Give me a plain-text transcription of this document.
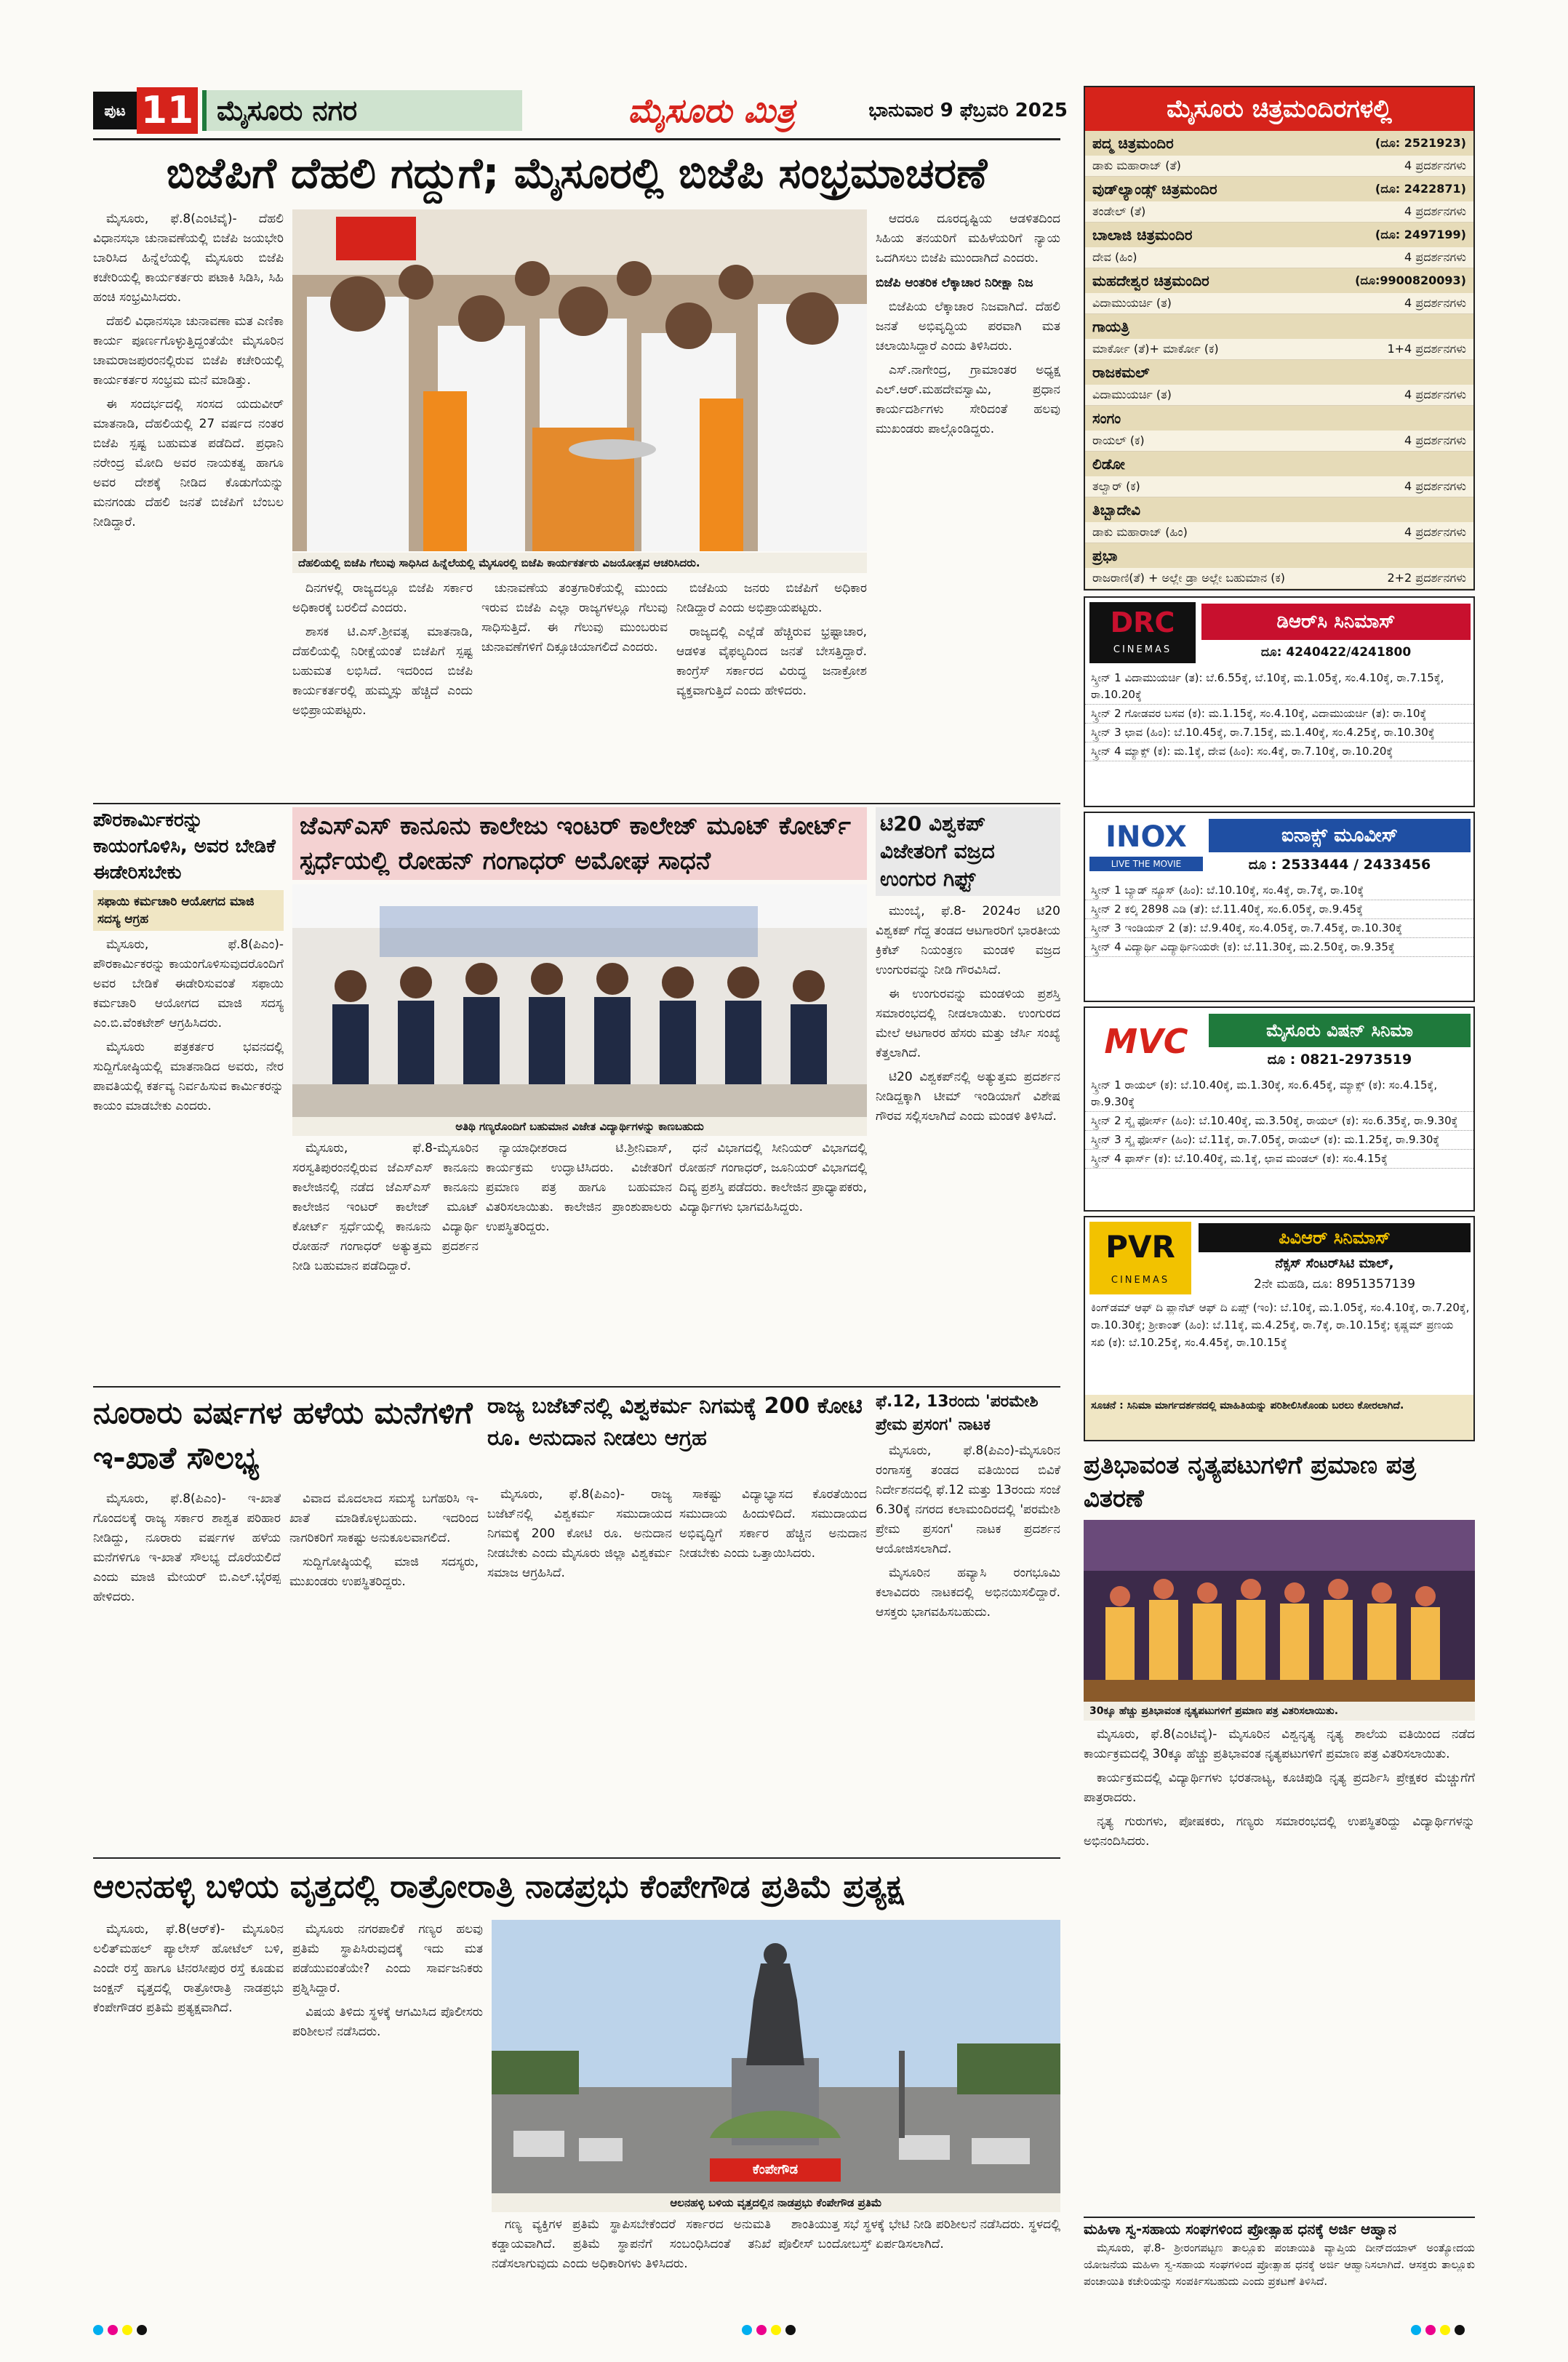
ಪುಟ 11 ಮೈಸೂರು ನಗರ	ಮೈಸೂರು ಮಿತ್ರ	ಭಾನುವಾರ 9 ಫೆಬ್ರವರಿ 2025
ಬಿಜೆಪಿಗೆ ದೆಹಲಿ ಗದ್ದುಗೆ; ಮೈಸೂರಲ್ಲಿ ಬಿಜೆಪಿ ಸಂಭ್ರಮಾಚರಣೆ

ಮೈಸೂರು, ಫೆ.8(ಎಂಟಿವೈ)- ದೆಹಲಿ ವಿಧಾನಸಭಾ ಚುನಾವಣೆಯಲ್ಲಿ ಬಿಜೆಪಿ ಜಯಭೇರಿ ಬಾರಿಸಿದ ಹಿನ್ನೆಲೆಯಲ್ಲಿ ಮೈಸೂರು ಬಿಜೆಪಿ ಕಚೇರಿಯಲ್ಲಿ ಕಾರ್ಯಕರ್ತರು ಪಟಾಕಿ ಸಿಡಿಸಿ, ಸಿಹಿ ಹಂಚಿ ಸಂಭ್ರಮಿಸಿದರು.

ದೆಹಲಿ ವಿಧಾನಸಭಾ ಚುನಾವಣಾ ಮತ ಎಣಿಕಾ ಕಾರ್ಯ ಪೂರ್ಣಗೊಳ್ಳುತ್ತಿದ್ದಂತೆಯೇ ಮೈಸೂರಿನ ಚಾಮರಾಜಪುರಂನಲ್ಲಿರುವ ಬಿಜೆಪಿ ಕಚೇರಿಯಲ್ಲಿ ಕಾರ್ಯಕರ್ತರ ಸಂಭ್ರಮ ಮನೆ ಮಾಡಿತ್ತು.

ಈ ಸಂದರ್ಭದಲ್ಲಿ ಸಂಸದ ಯದುವೀರ್ ಮಾತನಾಡಿ, ದೆಹಲಿಯಲ್ಲಿ 27 ವರ್ಷದ ನಂತರ ಬಿಜೆಪಿ ಸ್ಪಷ್ಟ ಬಹುಮತ ಪಡೆದಿದೆ. ಪ್ರಧಾನಿ ನರೇಂದ್ರ ಮೋದಿ ಅವರ ನಾಯಕತ್ವ ಹಾಗೂ ಅವರ ದೇಶಕ್ಕೆ ನೀಡಿದ ಕೊಡುಗೆಯನ್ನು ಮನಗಂಡು ದೆಹಲಿ ಜನತೆ ಬಿಜೆಪಿಗೆ ಬೆಂಬಲ ನೀಡಿದ್ದಾರೆ.

ದೆಹಲಿಯಲ್ಲಿ ಬಿಜೆಪಿ ಗೆಲುವು ಸಾಧಿಸಿದ ಹಿನ್ನೆಲೆಯಲ್ಲಿ ಮೈಸೂರಲ್ಲಿ ಬಿಜೆಪಿ ಕಾರ್ಯಕರ್ತರು ವಿಜಯೋತ್ಸವ ಆಚರಿಸಿದರು.

ದಿನಗಳಲ್ಲಿ ರಾಜ್ಯದಲ್ಲೂ ಬಿಜೆಪಿ ಸರ್ಕಾರ ಅಧಿಕಾರಕ್ಕೆ ಬರಲಿದೆ ಎಂದರು.

ಶಾಸಕ ಟಿ.ಎಸ್.ಶ್ರೀವತ್ಸ ಮಾತನಾಡಿ, ದೆಹಲಿಯಲ್ಲಿ ನಿರೀಕ್ಷೆಯಂತೆ ಬಿಜೆಪಿಗೆ ಸ್ಪಷ್ಟ ಬಹುಮತ ಲಭಿಸಿದೆ. ಇದರಿಂದ ಬಿಜೆಪಿ ಕಾರ್ಯಕರ್ತರಲ್ಲಿ ಹುಮ್ಮಸ್ಸು ಹೆಚ್ಚಿದೆ ಎಂದು ಅಭಿಪ್ರಾಯಪಟ್ಟರು.

ಚುನಾವಣೆಯ ತಂತ್ರಗಾರಿಕೆಯಲ್ಲಿ ಮುಂದು ಇರುವ ಬಿಜೆಪಿ ಎಲ್ಲಾ ರಾಜ್ಯಗಳಲ್ಲೂ ಗೆಲುವು ಸಾಧಿಸುತ್ತಿದೆ. ಈ ಗೆಲುವು ಮುಂಬರುವ ಚುನಾವಣೆಗಳಿಗೆ ದಿಕ್ಸೂಚಿಯಾಗಲಿದೆ ಎಂದರು.

ಬಿಜೆಪಿಯ ಜನರು ಬಿಜೆಪಿಗೆ ಅಧಿಕಾರ ನೀಡಿದ್ದಾರೆ ಎಂದು ಅಭಿಪ್ರಾಯಪಟ್ಟರು.

ರಾಜ್ಯದಲ್ಲಿ ಎಲ್ಲೆಡೆ ಹೆಚ್ಚಿರುವ ಭ್ರಷ್ಟಾಚಾರ, ಆಡಳಿತ ವೈಫಲ್ಯದಿಂದ ಜನತೆ ಬೇಸತ್ತಿದ್ದಾರೆ. ಕಾಂಗ್ರೆಸ್ ಸರ್ಕಾರದ ವಿರುದ್ಧ ಜನಾಕ್ರೋಶ ವ್ಯಕ್ತವಾಗುತ್ತಿದೆ ಎಂದು ಹೇಳಿದರು.

ಆದರೂ ದೂರದೃಷ್ಟಿಯ ಆಡಳಿತದಿಂದ ಸಿಹಿಯ ತನಯರಿಗೆ ಮಹಿಳೆಯರಿಗೆ ನ್ಯಾಯ ಒದಗಿಸಲು ಬಿಜೆಪಿ ಮುಂದಾಗಿದೆ ಎಂದರು.

ಬಿಜೆಪಿ ಆಂತರಿಕ ಲೆಕ್ಕಾಚಾರ ನಿರೀಕ್ಷಾ ನಿಜ

ಬಿಜೆಪಿಯ ಲೆಕ್ಕಾಚಾರ ನಿಜವಾಗಿದೆ. ದೆಹಲಿ ಜನತೆ ಅಭಿವೃದ್ಧಿಯ ಪರವಾಗಿ ಮತ ಚಲಾಯಿಸಿದ್ದಾರೆ ಎಂದು ತಿಳಿಸಿದರು.

ಎಸ್.ನಾಗೇಂದ್ರ, ಗ್ರಾಮಾಂತರ ಅಧ್ಯಕ್ಷ ಎಲ್.ಆರ್.ಮಹದೇವಸ್ವಾಮಿ, ಪ್ರಧಾನ ಕಾರ್ಯದರ್ಶಿಗಳು ಸೇರಿದಂತೆ ಹಲವು ಮುಖಂಡರು ಪಾಲ್ಗೊಂಡಿದ್ದರು.

ಪೌರಕಾರ್ಮಿಕರನ್ನು ಕಾಯಂಗೊಳಿಸಿ, ಅವರ ಬೇಡಿಕೆ ಈಡೇರಿಸಬೇಕು
ಸಫಾಯಿ ಕರ್ಮಚಾರಿ ಆಯೋಗದ ಮಾಜಿ ಸದಸ್ಯ ಆಗ್ರಹ

ಮೈಸೂರು, ಫೆ.8(ಪಿಎಂ)- ಪೌರಕಾರ್ಮಿಕರನ್ನು ಕಾಯಂಗೊಳಿಸುವುದರೊಂದಿಗೆ ಅವರ ಬೇಡಿಕೆ ಈಡೇರಿಸುವಂತೆ ಸಫಾಯಿ ಕರ್ಮಚಾರಿ ಆಯೋಗದ ಮಾಜಿ ಸದಸ್ಯ ಎಂ.ಬಿ.ವೆಂಕಟೇಶ್ ಆಗ್ರಹಿಸಿದರು.

ಮೈಸೂರು ಪತ್ರಕರ್ತರ ಭವನದಲ್ಲಿ ಸುದ್ದಿಗೋಷ್ಠಿಯಲ್ಲಿ ಮಾತನಾಡಿದ ಅವರು, ನೇರ ಪಾವತಿಯಲ್ಲಿ ಕರ್ತವ್ಯ ನಿರ್ವಹಿಸುವ ಕಾರ್ಮಿಕರನ್ನು ಕಾಯಂ ಮಾಡಬೇಕು ಎಂದರು.

ಜೆಎಸ್‌ಎಸ್ ಕಾನೂನು ಕಾಲೇಜು ಇಂಟರ್ ಕಾಲೇಜ್ ಮೂಟ್ ಕೋರ್ಟ್ ಸ್ಪರ್ಧೆಯಲ್ಲಿ ರೋಹನ್ ಗಂಗಾಧರ್ ಅಮೋಘ ಸಾಧನೆ
ಅತಿಥಿ ಗಣ್ಯರೊಂದಿಗೆ ಬಹುಮಾನ ವಿಜೇತ ವಿದ್ಯಾರ್ಥಿಗಳನ್ನು ಕಾಣಬಹುದು

ಮೈಸೂರು, ಫೆ.8-ಮೈಸೂರಿನ ಸರಸ್ವತಿಪುರಂನಲ್ಲಿರುವ ಜೆಎಸ್‌ಎಸ್ ಕಾನೂನು ಕಾಲೇಜಿನಲ್ಲಿ ನಡೆದ ಜೆಎಸ್‌ಎಸ್ ಕಾನೂನು ಕಾಲೇಜಿನ ಇಂಟರ್ ಕಾಲೇಜ್ ಮೂಟ್ ಕೋರ್ಟ್ ಸ್ಪರ್ಧೆಯಲ್ಲಿ ಕಾನೂನು ವಿದ್ಯಾರ್ಥಿ ರೋಹನ್ ಗಂಗಾಧರ್ ಅತ್ಯುತ್ತಮ ಪ್ರದರ್ಶನ ನೀಡಿ ಬಹುಮಾನ ಪಡೆದಿದ್ದಾರೆ.

ನ್ಯಾಯಾಧೀಶರಾದ ಟಿ.ಶ್ರೀನಿವಾಸ್, ಕಾರ್ಯಕ್ರಮ ಉದ್ಘಾಟಿಸಿದರು. ವಿಜೇತರಿಗೆ ಪ್ರಮಾಣ ಪತ್ರ ಹಾಗೂ ಬಹುಮಾನ ವಿತರಿಸಲಾಯಿತು. ಕಾಲೇಜಿನ ಪ್ರಾಂಶುಪಾಲರು ಉಪಸ್ಥಿತರಿದ್ದರು.

ಧನೆ ವಿಭಾಗದಲ್ಲಿ ಸೀನಿಯರ್ ವಿಭಾಗದಲ್ಲಿ ರೋಹನ್ ಗಂಗಾಧರ್, ಜೂನಿಯರ್ ವಿಭಾಗದಲ್ಲಿ ದಿವ್ಯ ಪ್ರಶಸ್ತಿ ಪಡೆದರು. ಕಾಲೇಜಿನ ಪ್ರಾಧ್ಯಾಪಕರು, ವಿದ್ಯಾರ್ಥಿಗಳು ಭಾಗವಹಿಸಿದ್ದರು.

ಟಿ20 ವಿಶ್ವಕಪ್ ವಿಜೇತರಿಗೆ ವಜ್ರದ ಉಂಗುರ ಗಿಫ್ಟ್

ಮುಂಬೈ, ಫೆ.8- 2024ರ ಟಿ20 ವಿಶ್ವಕಪ್ ಗೆದ್ದ ತಂಡದ ಆಟಗಾರರಿಗೆ ಭಾರತೀಯ ಕ್ರಿಕೆಟ್ ನಿಯಂತ್ರಣ ಮಂಡಳಿ ವಜ್ರದ ಉಂಗುರವನ್ನು ನೀಡಿ ಗೌರವಿಸಿದೆ.

ಈ ಉಂಗುರವನ್ನು ಮಂಡಳಿಯ ಪ್ರಶಸ್ತಿ ಸಮಾರಂಭದಲ್ಲಿ ನೀಡಲಾಯಿತು. ಉಂಗುರದ ಮೇಲೆ ಆಟಗಾರರ ಹೆಸರು ಮತ್ತು ಜೆರ್ಸಿ ಸಂಖ್ಯೆ ಕೆತ್ತಲಾಗಿದೆ.

ಟಿ20 ವಿಶ್ವಕಪ್‌ನಲ್ಲಿ ಅತ್ಯುತ್ತಮ ಪ್ರದರ್ಶನ ನೀಡಿದ್ದಕ್ಕಾಗಿ ಟೀಮ್ ಇಂಡಿಯಾಗೆ ವಿಶೇಷ ಗೌರವ ಸಲ್ಲಿಸಲಾಗಿದೆ ಎಂದು ಮಂಡಳಿ ತಿಳಿಸಿದೆ.

ನೂರಾರು ವರ್ಷಗಳ ಹಳೆಯ ಮನೆಗಳಿಗೆ ಇ-ಖಾತೆ ಸೌಲಭ್ಯ

ಮೈಸೂರು, ಫೆ.8(ಪಿಎಂ)- ಇ-ಖಾತೆ ಗೊಂದಲಕ್ಕೆ ರಾಜ್ಯ ಸರ್ಕಾರ ಶಾಶ್ವತ ಪರಿಹಾರ ನೀಡಿದ್ದು, ನೂರಾರು ವರ್ಷಗಳ ಹಳೆಯ ಮನೆಗಳಿಗೂ ಇ-ಖಾತೆ ಸೌಲಭ್ಯ ದೊರೆಯಲಿದೆ ಎಂದು ಮಾಜಿ ಮೇಯರ್ ಬಿ.ಎಲ್.ಭೈರಪ್ಪ ಹೇಳಿದರು.

ವಿವಾದ ಮೊದಲಾದ ಸಮಸ್ಯೆ ಬಗೆಹರಿಸಿ ಇ-ಖಾತೆ ಮಾಡಿಕೊಳ್ಳಬಹುದು. ಇದರಿಂದ ನಾಗರಿಕರಿಗೆ ಸಾಕಷ್ಟು ಅನುಕೂಲವಾಗಲಿದೆ.

ಸುದ್ದಿಗೋಷ್ಠಿಯಲ್ಲಿ ಮಾಜಿ ಸದಸ್ಯರು, ಮುಖಂಡರು ಉಪಸ್ಥಿತರಿದ್ದರು.

ರಾಜ್ಯ ಬಜೆಟ್‌ನಲ್ಲಿ ವಿಶ್ವಕರ್ಮ ನಿಗಮಕ್ಕೆ 200 ಕೋಟಿ ರೂ. ಅನುದಾನ ನೀಡಲು ಆಗ್ರಹ

ಮೈಸೂರು, ಫೆ.8(ಪಿಎಂ)- ರಾಜ್ಯ ಬಜೆಟ್‌ನಲ್ಲಿ ವಿಶ್ವಕರ್ಮ ಸಮುದಾಯದ ನಿಗಮಕ್ಕೆ 200 ಕೋಟಿ ರೂ. ಅನುದಾನ ನೀಡಬೇಕು ಎಂದು ಮೈಸೂರು ಜಿಲ್ಲಾ ವಿಶ್ವಕರ್ಮ ಸಮಾಜ ಆಗ್ರಹಿಸಿದೆ.

ಸಾಕಷ್ಟು ವಿದ್ಯಾಭ್ಯಾಸದ ಕೊರತೆಯಿಂದ ಸಮುದಾಯ ಹಿಂದುಳಿದಿದೆ. ಸಮುದಾಯದ ಅಭಿವೃದ್ಧಿಗೆ ಸರ್ಕಾರ ಹೆಚ್ಚಿನ ಅನುದಾನ ನೀಡಬೇಕು ಎಂದು ಒತ್ತಾಯಿಸಿದರು.

ಫೆ.12, 13ರಂದು 'ಪರಮೇಶಿ ಪ್ರೇಮ ಪ್ರಸಂಗ' ನಾಟಕ

ಮೈಸೂರು, ಫೆ.8(ಪಿಎಂ)-ಮೈಸೂರಿನ ರಂಗಾಸಕ್ತ ತಂಡದ ವತಿಯಿಂದ ಬಿವಿಕೆ ನಿರ್ದೇಶನದಲ್ಲಿ ಫೆ.12 ಮತ್ತು 13ರಂದು ಸಂಜೆ 6.30ಕ್ಕೆ ನಗರದ ಕಲಾಮಂದಿರದಲ್ಲಿ 'ಪರಮೇಶಿ ಪ್ರೇಮ ಪ್ರಸಂಗ' ನಾಟಕ ಪ್ರದರ್ಶನ ಆಯೋಜಿಸಲಾಗಿದೆ.

ಮೈಸೂರಿನ ಹವ್ಯಾಸಿ ರಂಗಭೂಮಿ ಕಲಾವಿದರು ನಾಟಕದಲ್ಲಿ ಅಭಿನಯಿಸಲಿದ್ದಾರೆ. ಆಸಕ್ತರು ಭಾಗವಹಿಸಬಹುದು.

ಆಲನಹಳ್ಳಿ ಬಳಿಯ ವೃತ್ತದಲ್ಲಿ ರಾತ್ರೋರಾತ್ರಿ ನಾಡಪ್ರಭು ಕೆಂಪೇಗೌಡ ಪ್ರತಿಮೆ ಪ್ರತ್ಯಕ್ಷ

ಮೈಸೂರು, ಫೆ.8(ಆರ್‌ಕೆ)- ಮೈಸೂರಿನ ಲಲಿತ್‌ಮಹಲ್ ಪ್ಯಾಲೇಸ್ ಹೋಟೆಲ್ ಬಳಿ, ಎಂದೇ ರಸ್ತೆ ಹಾಗೂ ಟಿನರಸೀಪುರ ರಸ್ತೆ ಕೂಡುವ ಜಂಕ್ಷನ್ ವೃತ್ತದಲ್ಲಿ ರಾತ್ರೋರಾತ್ರಿ ನಾಡಪ್ರಭು ಕೆಂಪೇಗೌಡರ ಪ್ರತಿಮೆ ಪ್ರತ್ಯಕ್ಷವಾಗಿದೆ.

ಮೈಸೂರು ನಗರಪಾಲಿಕೆ ಗಣ್ಯರ ಹಲವು ಪ್ರತಿಮೆ ಸ್ಥಾಪಿಸಿರುವುದಕ್ಕೆ ಇದು ಮತ ಪಡೆಯುವಂತೆಯೇ? ಎಂದು ಸಾರ್ವಜನಿಕರು ಪ್ರಶ್ನಿಸಿದ್ದಾರೆ.

ವಿಷಯ ತಿಳಿದು ಸ್ಥಳಕ್ಕೆ ಆಗಮಿಸಿದ ಪೊಲೀಸರು ಪರಿಶೀಲನೆ ನಡೆಸಿದರು.

ಕೆಂಪೇಗೌಡ
ಆಲನಹಳ್ಳಿ ಬಳಿಯ ವೃತ್ತದಲ್ಲಿನ ನಾಡಪ್ರಭು ಕೆಂಪೇಗೌಡ ಪ್ರತಿಮೆ

ಗಣ್ಯ ವ್ಯಕ್ತಿಗಳ ಪ್ರತಿಮೆ ಸ್ಥಾಪಿಸಬೇಕೆಂದರೆ ಸರ್ಕಾರದ ಅನುಮತಿ ಕಡ್ಡಾಯವಾಗಿದೆ. ಪ್ರತಿಮೆ ಸ್ಥಾಪನೆಗೆ ಸಂಬಂಧಿಸಿದಂತೆ ತನಿಖೆ ನಡೆಸಲಾಗುವುದು ಎಂದು ಅಧಿಕಾರಿಗಳು ತಿಳಿಸಿದರು.

ಶಾಂತಿಯುತ್ತ ಸಭೆ ಸ್ಥಳಕ್ಕೆ ಭೇಟಿ ನೀಡಿ ಪರಿಶೀಲನೆ ನಡೆಸಿದರು. ಸ್ಥಳದಲ್ಲಿ ಪೊಲೀಸ್ ಬಂದೋಬಸ್ತ್ ಏರ್ಪಡಿಸಲಾಗಿದೆ.

ಮೈಸೂರು ಚಿತ್ರಮಂದಿರಗಳಲ್ಲಿ
ಪದ್ಮ ಚಿತ್ರಮಂದಿರ	(ದೂ: 2521923)
ಡಾಕು ಮಹಾರಾಜ್ (ತೆ)	4 ಪ್ರದರ್ಶನಗಳು
ವುಡ್‌ಲ್ಯಾಂಡ್ಸ್ ಚಿತ್ರಮಂದಿರ	(ದೂ: 2422871)
ತಂಡೇಲ್ (ತೆ)	4 ಪ್ರದರ್ಶನಗಳು
ಬಾಲಾಜಿ ಚಿತ್ರಮಂದಿರ	(ದೂ: 2497199)
ದೇವ (ಹಿಂ)	4 ಪ್ರದರ್ಶನಗಳು
ಮಹದೇಶ್ವರ ಚಿತ್ರಮಂದಿರ	(ದೂ:9900820093)
ವಿದಾಮುಯರ್ಚಿ (ತ)	4 ಪ್ರದರ್ಶನಗಳು
ಗಾಯತ್ರಿ
ಮಾರ್ಕೋ (ತೆ)+ ಮಾರ್ಕೋ (ಕ)	1+4 ಪ್ರದರ್ಶನಗಳು
ರಾಜಕಮಲ್
ವಿದಾಮುಯರ್ಚಿ (ತ)	4 ಪ್ರದರ್ಶನಗಳು
ಸಂಗಂ
ರಾಯಲ್ (ಕ)	4 ಪ್ರದರ್ಶನಗಳು
ಲಿಡೋ
ತಲ್ವಾರ್ (ಕ)	4 ಪ್ರದರ್ಶನಗಳು
ತಿಬ್ಬಾದೇವಿ
ಡಾಕು ಮಹಾರಾಜ್ (ಹಿಂ)	4 ಪ್ರದರ್ಶನಗಳು
ಪ್ರಭಾ
ರಾಜರಾಣಿ(ತೆ) + ಅಲ್ಲೇ ಡ್ರಾ ಅಲ್ಲೇ ಬಹುಮಾನ (ಕ)	2+2 ಪ್ರದರ್ಶನಗಳು
DRC
CINEMAS
ಡಿಆರ್‌ಸಿ ಸಿನಿಮಾಸ್
ದೂ: 4240422/4241800
ಸ್ಕ್ರೀನ್ 1 ವಿದಾಮುಯರ್ಚಿ (ತ): ಬೆ.6.55ಕ್ಕೆ, ಬೆ.10ಕ್ಕೆ, ಮ.1.05ಕ್ಕೆ, ಸಂ.4.10ಕ್ಕೆ, ರಾ.7.15ಕ್ಕೆ, ರಾ.10.20ಕ್ಕೆ
ಸ್ಕ್ರೀನ್ 2 ಗೋಡವರ ಬಸವ (ಕ): ಮ.1.15ಕ್ಕೆ, ಸಂ.4.10ಕ್ಕೆ, ವಿದಾಮುಯರ್ಚಿ (ತ): ರಾ.10ಕ್ಕೆ
ಸ್ಕ್ರೀನ್ 3 ಛಾವ (ಹಿಂ): ಬೆ.10.45ಕ್ಕೆ, ರಾ.7.15ಕ್ಕೆ, ಮ.1.40ಕ್ಕೆ, ಸಂ.4.25ಕ್ಕೆ, ರಾ.10.30ಕ್ಕೆ
ಸ್ಕ್ರೀನ್ 4 ಮ್ಯಾಕ್ಸ್ (ಕ): ಮ.1ಕ್ಕೆ, ದೇವ (ಹಿಂ): ಸಂ.4ಕ್ಕೆ, ರಾ.7.10ಕ್ಕೆ, ರಾ.10.20ಕ್ಕೆ
INOX
LIVE THE MOVIE
ಐನಾಕ್ಸ್ ಮೂವೀಸ್
ದೂ : 2533444 / 2433456
ಸ್ಕ್ರೀನ್ 1 ಬ್ಯಾಡ್ ನ್ಯೂಸ್ (ಹಿಂ): ಬೆ.10.10ಕ್ಕೆ, ಸಂ.4ಕ್ಕೆ, ರಾ.7ಕ್ಕೆ, ರಾ.10ಕ್ಕೆ
ಸ್ಕ್ರೀನ್ 2 ಕಲ್ಕಿ 2898 ಎಡಿ (ತೆ): ಬೆ.11.40ಕ್ಕೆ, ಸಂ.6.05ಕ್ಕೆ, ರಾ.9.45ಕ್ಕೆ
ಸ್ಕ್ರೀನ್ 3 ಇಂಡಿಯನ್ 2 (ತ): ಬೆ.9.40ಕ್ಕೆ, ಸಂ.4.05ಕ್ಕೆ, ರಾ.7.45ಕ್ಕೆ, ರಾ.10.30ಕ್ಕೆ
ಸ್ಕ್ರೀನ್ 4 ವಿದ್ಯಾರ್ಥಿ ವಿದ್ಯಾರ್ಥಿನಿಯರೇ (ಕ): ಬೆ.11.30ಕ್ಕೆ, ಮ.2.50ಕ್ಕೆ, ರಾ.9.35ಕ್ಕೆ
MVC	ಮೈಸೂರು ವಿಷನ್ ಸಿನಿಮಾ
ದೂ : 0821-2973519
ಸ್ಕ್ರೀನ್ 1 ರಾಯಲ್ (ಕ): ಬೆ.10.40ಕ್ಕೆ, ಮ.1.30ಕ್ಕೆ, ಸಂ.6.45ಕ್ಕೆ, ಮ್ಯಾಕ್ಸ್ (ಕ): ಸಂ.4.15ಕ್ಕೆ, ರಾ.9.30ಕ್ಕೆ
ಸ್ಕ್ರೀನ್ 2 ಸ್ಕೈ ಫೋರ್ಸ್ (ಹಿಂ): ಬೆ.10.40ಕ್ಕೆ, ಮ.3.50ಕ್ಕೆ, ರಾಯಲ್ (ಕ): ಸಂ.6.35ಕ್ಕೆ, ರಾ.9.30ಕ್ಕೆ
ಸ್ಕ್ರೀನ್ 3 ಸ್ಕೈ ಫೋರ್ಸ್ (ಹಿಂ): ಬೆ.11ಕ್ಕೆ, ರಾ.7.05ಕ್ಕೆ, ರಾಯಲ್ (ಕ): ಮ.1.25ಕ್ಕೆ, ರಾ.9.30ಕ್ಕೆ
ಸ್ಕ್ರೀನ್ 4 ಫಾರ್ಸ್ (ಕ): ಬೆ.10.40ಕ್ಕೆ, ಮ.1ಕ್ಕೆ, ಛಾವ ಮಂಡಲ್ (ಕ): ಸಂ.4.15ಕ್ಕೆ
PVR
CINEMAS
ಪಿವಿಆರ್ ಸಿನಿಮಾಸ್
ನೆಕ್ಸಸ್ ಸೆಂಟರ್‌ಸಿಟಿ ಮಾಲ್,
2ನೇ ಮಹಡಿ, ದೂ: 8951357139
ಕಿಂಗ್‌ಡಮ್ ಆಫ್ ದಿ ಪ್ಲಾನೆಟ್ ಆಫ್ ದಿ ಏಪ್ಸ್ (ಇಂ): ಬೆ.10ಕ್ಕೆ, ಮ.1.05ಕ್ಕೆ, ಸಂ.4.10ಕ್ಕೆ, ರಾ.7.20ಕ್ಕೆ, ರಾ.10.30ಕ್ಕೆ; ಶ್ರೀಕಾಂತ್ (ಹಿಂ): ಬೆ.11ಕ್ಕೆ, ಮ.4.25ಕ್ಕೆ, ರಾ.7ಕ್ಕೆ, ರಾ.10.15ಕ್ಕೆ; ಕೃಷ್ಣಮ್ ಪ್ರಣಯ ಸಖಿ (ಕ): ಬೆ.10.25ಕ್ಕೆ, ಸಂ.4.45ಕ್ಕೆ, ರಾ.10.15ಕ್ಕೆ
ಸೂಚನೆ : ಸಿನಿಮಾ ಮಾರ್ಗದರ್ಶನದಲ್ಲಿ ಮಾಹಿತಿಯನ್ನು ಪರಿಶೀಲಿಸಿಕೊಂಡು ಬರಲು ಕೋರಲಾಗಿದೆ.
ಪ್ರತಿಭಾವಂತ ನೃತ್ಯಪಟುಗಳಿಗೆ ಪ್ರಮಾಣ ಪತ್ರ ವಿತರಣೆ
30ಕ್ಕೂ ಹೆಚ್ಚು ಪ್ರತಿಭಾವಂತ ನೃತ್ಯಪಟುಗಳಿಗೆ ಪ್ರಮಾಣ ಪತ್ರ ವಿತರಿಸಲಾಯಿತು.

ಮೈಸೂರು, ಫೆ.8(ಎಂಟಿವೈ)- ಮೈಸೂರಿನ ವಿಶ್ವನೃತ್ಯ ನೃತ್ಯ ಶಾಲೆಯ ವತಿಯಿಂದ ನಡೆದ ಕಾರ್ಯಕ್ರಮದಲ್ಲಿ 30ಕ್ಕೂ ಹೆಚ್ಚು ಪ್ರತಿಭಾವಂತ ನೃತ್ಯಪಟುಗಳಿಗೆ ಪ್ರಮಾಣ ಪತ್ರ ವಿತರಿಸಲಾಯಿತು.

ಕಾರ್ಯಕ್ರಮದಲ್ಲಿ ವಿದ್ಯಾರ್ಥಿಗಳು ಭರತನಾಟ್ಯ, ಕೂಚಿಪುಡಿ ನೃತ್ಯ ಪ್ರದರ್ಶಿಸಿ ಪ್ರೇಕ್ಷಕರ ಮೆಚ್ಚುಗೆಗೆ ಪಾತ್ರರಾದರು.

ನೃತ್ಯ ಗುರುಗಳು, ಪೋಷಕರು, ಗಣ್ಯರು ಸಮಾರಂಭದಲ್ಲಿ ಉಪಸ್ಥಿತರಿದ್ದು ವಿದ್ಯಾರ್ಥಿಗಳನ್ನು ಅಭಿನಂದಿಸಿದರು.

ಮಹಿಳಾ ಸ್ವ-ಸಹಾಯ ಸಂಘಗಳಿಂದ ಪ್ರೋತ್ಸಾಹ ಧನಕ್ಕೆ ಅರ್ಜಿ ಆಹ್ವಾನ

ಮೈಸೂರು, ಫೆ.8- ಶ್ರೀರಂಗಪಟ್ಟಣ ತಾಲ್ಲೂಕು ಪಂಚಾಯಿತಿ ವ್ಯಾಪ್ತಿಯ ದೀನ್‌ದಯಾಳ್ ಅಂತ್ಯೋದಯ ಯೋಜನೆಯ ಮಹಿಳಾ ಸ್ವ-ಸಹಾಯ ಸಂಘಗಳಿಂದ ಪ್ರೋತ್ಸಾಹ ಧನಕ್ಕೆ ಅರ್ಜಿ ಆಹ್ವಾನಿಸಲಾಗಿದೆ. ಆಸಕ್ತರು ತಾಲ್ಲೂಕು ಪಂಚಾಯಿತಿ ಕಚೇರಿಯನ್ನು ಸಂಪರ್ಕಿಸಬಹುದು ಎಂದು ಪ್ರಕಟಣೆ ತಿಳಿಸಿದೆ.
